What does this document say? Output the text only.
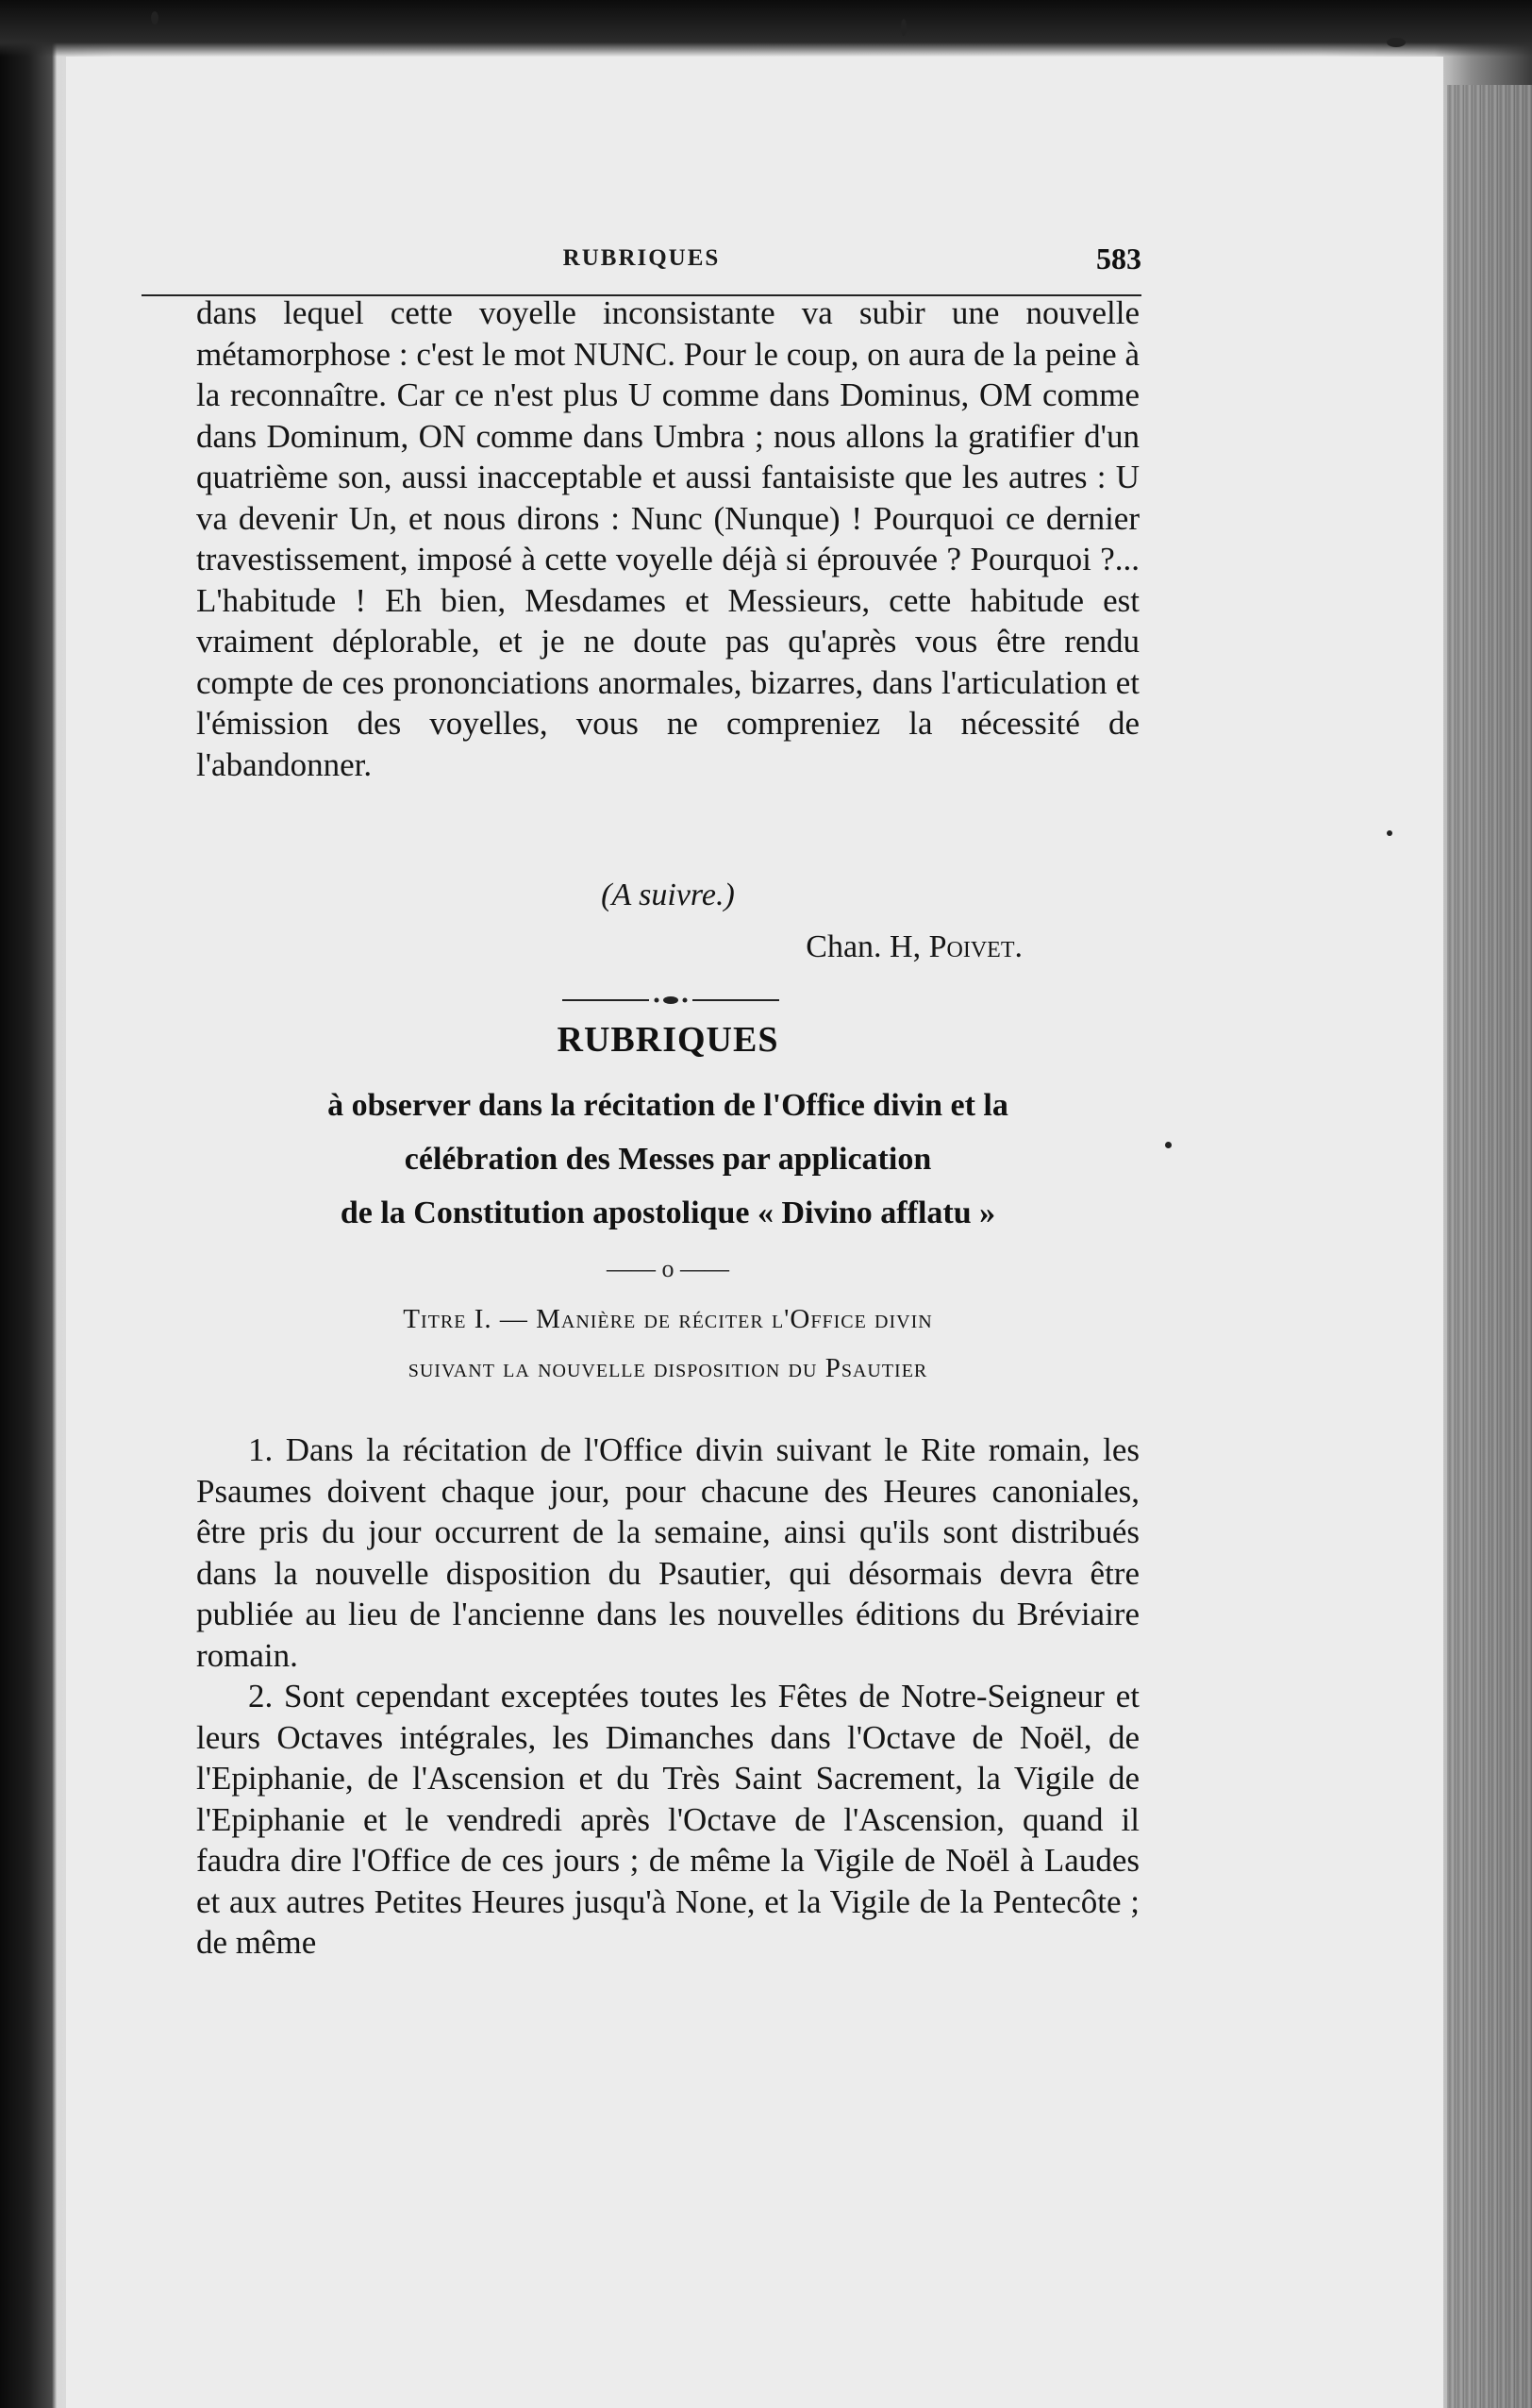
RUBRIQUES	583

dans lequel cette voyelle inconsistante va subir une nouvelle métamorphose : c'est le mot NUNC. Pour le coup, on aura de la peine à la reconnaître. Car ce n'est plus U comme dans Dominus, OM comme dans Dominum, ON comme dans Umbra ; nous allons la gratifier d'un quatrième son, aussi inacceptable et aussi fantaisiste que les autres : U va devenir Un, et nous dirons : Nunc (Nunque) ! Pourquoi ce dernier travestissement, imposé à cette voyelle déjà si éprouvée ? Pourquoi ?... L'habitude ! Eh bien, Mesdames et Messieurs, cette habitude est vraiment déplorable, et je ne doute pas qu'après vous être rendu compte de ces prononciations anormales, bizarres, dans l'articulation et l'émission des voyelles, vous ne compreniez la nécessité de l'abandonner.

(A suivre.)
Chan. H, Poivet.
RUBRIQUES
à observer dans la récitation de l'Office divin et la
célébration des Messes par application
de la Constitution apostolique « Divino afflatu »
—— o ——
Titre I. — Manière de réciter l'Office divin
suivant la nouvelle disposition du Psautier

1. Dans la récitation de l'Office divin suivant le Rite romain, les Psaumes doivent chaque jour, pour chacune des Heures canoniales, être pris du jour occurrent de la semaine, ainsi qu'ils sont distribués dans la nouvelle disposition du Psautier, qui désormais devra être publiée au lieu de l'ancienne dans les nouvelles éditions du Bréviaire romain.

2. Sont cependant exceptées toutes les Fêtes de Notre-Seigneur et leurs Octaves intégrales, les Dimanches dans l'Octave de Noël, de l'Epiphanie, de l'Ascension et du Très Saint Sacrement, la Vigile de l'Epiphanie et le vendredi après l'Octave de l'Ascension, quand il faudra dire l'Office de ces jours ; de même la Vigile de Noël à Laudes et aux autres Petites Heures jusqu'à None, et la Vigile de la Pentecôte ; de même
